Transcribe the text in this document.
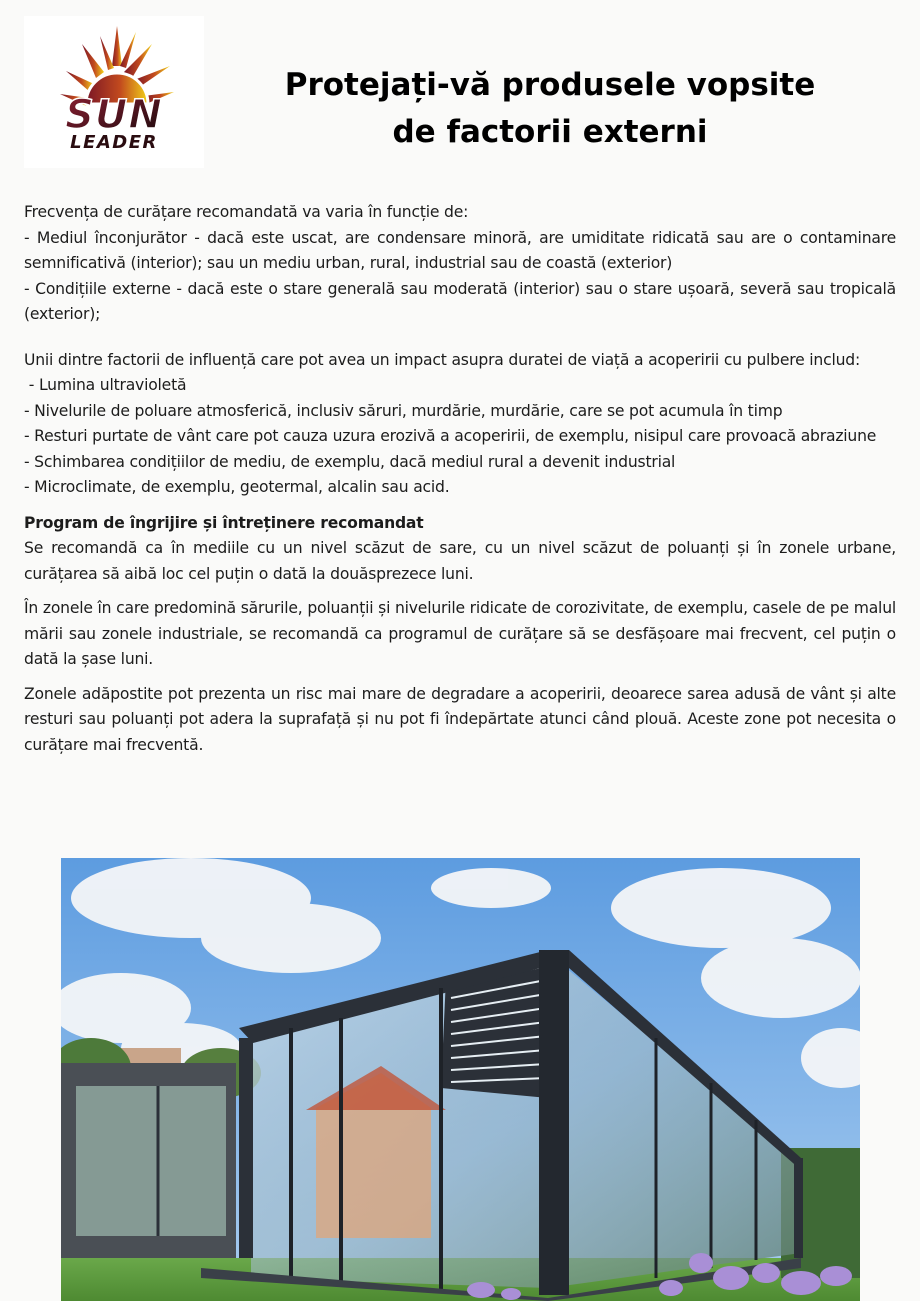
SUN
LEADER
Protejați-vă produsele vopsite
de factorii externi

Frecvența de curățare recomandată va varia în funcție de:

- Mediul înconjurător - dacă este uscat, are condensare minoră, are umiditate ridicată sau are o contaminare semnificativă (interior); sau un mediu urban, rural, industrial sau de coastă (exterior)

- Condițiile externe - dacă este o stare generală sau moderată (interior) sau o stare ușoară, severă sau tropicală (exterior);

Unii dintre factorii de influență care pot avea un impact asupra duratei de viață a acoperirii cu pulbere includ:

- Lumina ultravioletă

- Nivelurile de poluare atmosferică, inclusiv săruri, murdărie, murdărie, care se pot acumula în timp

- Resturi purtate de vânt care pot cauza uzura erozivă a acoperirii, de exemplu, nisipul care provoacă abraziune

- Schimbarea condițiilor de mediu, de exemplu, dacă mediul rural a devenit industrial

- Microclimate, de exemplu, geotermal, alcalin sau acid.

Program de îngrijire și întreținere recomandat

Se recomandă ca în mediile cu un nivel scăzut de sare, cu un nivel scăzut de poluanți și în zonele urbane, curățarea să aibă loc cel puțin o dată la douăsprezece luni.

În zonele în care predomină sărurile, poluanții și nivelurile ridicate de corozivitate, de exemplu, casele de pe malul mării sau zonele industriale, se recomandă ca programul de curățare să se desfășoare mai frecvent, cel puțin o dată la șase luni.

Zonele adăpostite pot prezenta un risc mai mare de degradare a acoperirii, deoarece sarea adusă de vânt și alte resturi sau poluanți pot adera la suprafață și nu pot fi îndepărtate atunci când plouă. Aceste zone pot necesita o curățare mai frecventă.
